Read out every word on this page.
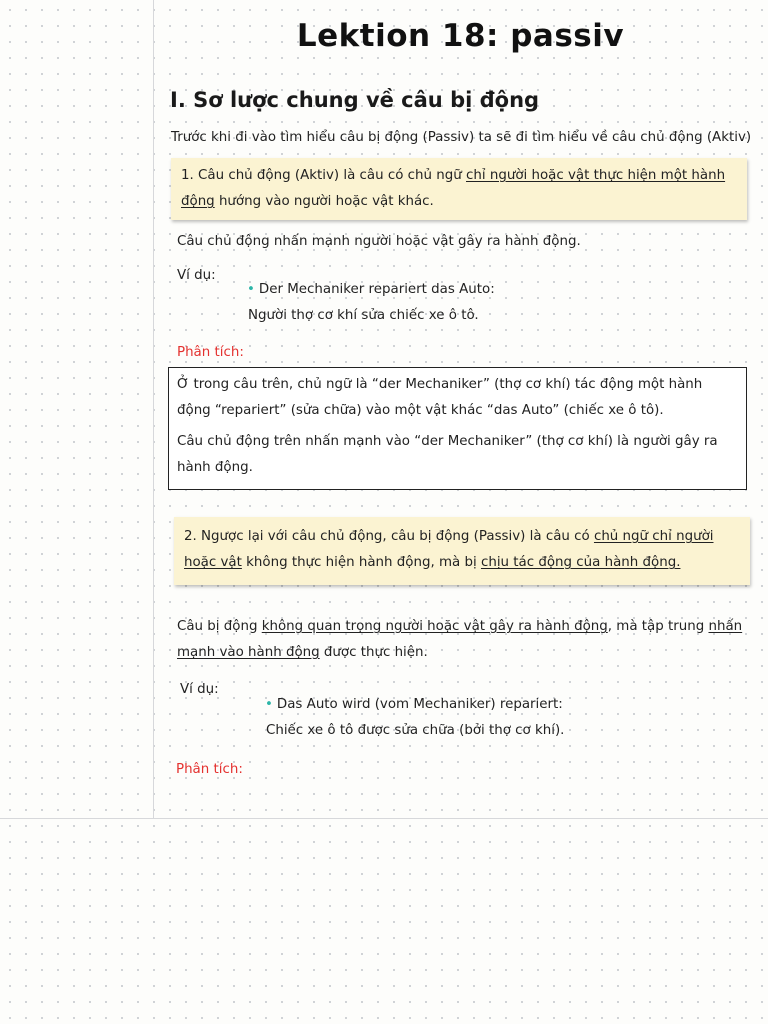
Lektion 18: passiv
I. Sơ lược chung về câu bị động
Trước khi đi vào tìm hiểu câu bị động (Passiv) ta sẽ đi tìm hiểu về câu chủ động (Aktiv)
1. Câu chủ động (Aktiv) là câu có chủ ngữ chỉ người hoặc vật thực hiện một hành động hướng vào người hoặc vật khác.
Câu chủ động nhấn mạnh người hoặc vật gây ra hành động.
Ví dụ:
• Der Mechaniker repariert das Auto:
Người thợ cơ khí sửa chiếc xe ô tô.
Phân tích:
Ở trong câu trên, chủ ngữ là “der Mechaniker” (thợ cơ khí) tác động một hành động “repariert” (sửa chữa) vào một vật khác “das Auto” (chiếc xe ô tô).
Câu chủ động trên nhấn mạnh vào “der Mechaniker” (thợ cơ khí) là người gây ra hành động.
2. Ngược lại với câu chủ động, câu bị động (Passiv) là câu có chủ ngữ chỉ người hoặc vật không thực hiện hành động, mà bị chịu tác động của hành động.
Câu bị động không quan trọng người hoặc vật gây ra hành động, mà tập trung nhấn mạnh vào hành động được thực hiện.
Ví dụ:
• Das Auto wird (vom Mechaniker) repariert:
Chiếc xe ô tô được sửa chữa (bởi thợ cơ khí).
Phân tích:
